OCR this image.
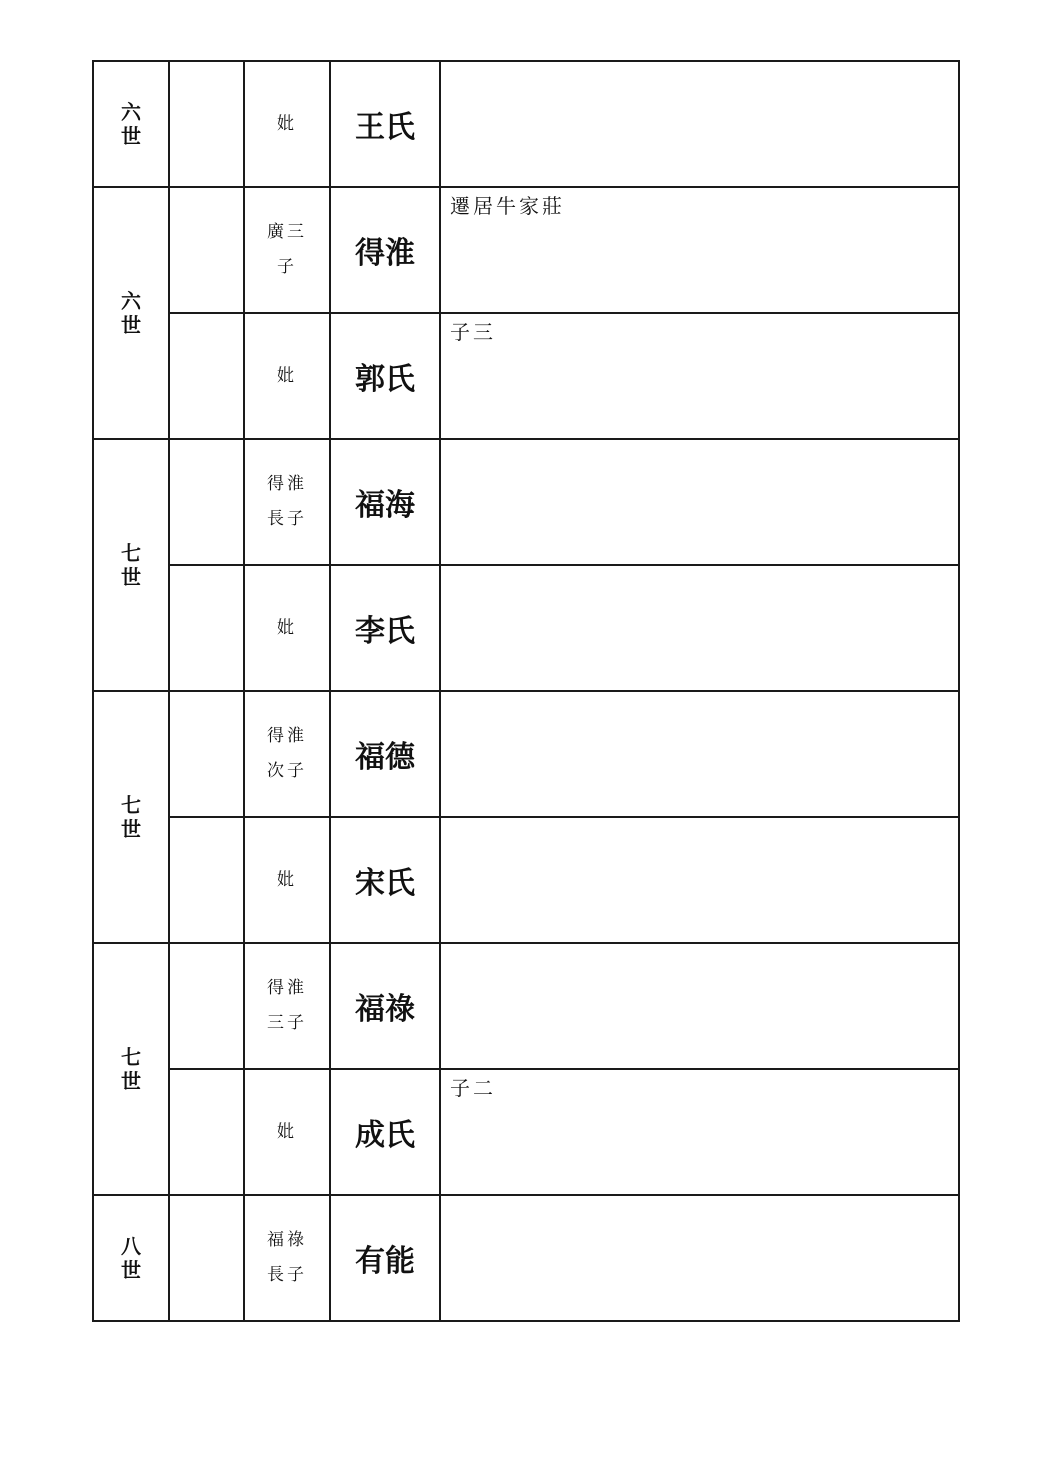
六世		妣	王氏	

六世		廣三子	得淮	遷居牛家莊

		妣	郭氏	子三

七世		得淮長子	福海	

		妣	李氏	

七世		得淮次子	福德	

		妣	宋氏	

七世		得淮三子	福祿	

		妣	成氏	子二

八世		福祿長子	有能	
